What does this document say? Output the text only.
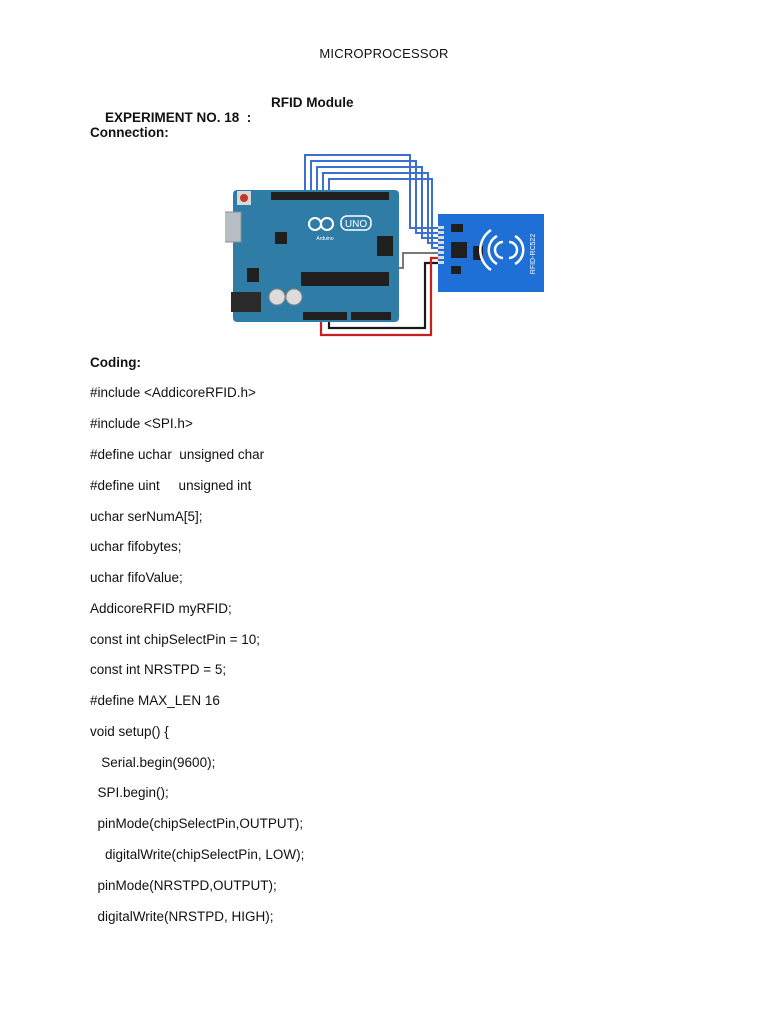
MICROPROCESSOR

EXPERIMENT NO. 18  :

RFID Module

Connection:
UNO
Arduino	RFID-RC522
Coding:
#include <AddicoreRFID.h>
#include <SPI.h>
#define uchar  unsigned char
#define uint     unsigned int
uchar serNumA[5];
uchar fifobytes;
uchar fifoValue;
AddicoreRFID myRFID;
const int chipSelectPin = 10;
const int NRSTPD = 5;
#define MAX_LEN 16
void setup() {
Serial.begin(9600);
SPI.begin();
pinMode(chipSelectPin,OUTPUT);
digitalWrite(chipSelectPin, LOW);
pinMode(NRSTPD,OUTPUT);
digitalWrite(NRSTPD, HIGH);
